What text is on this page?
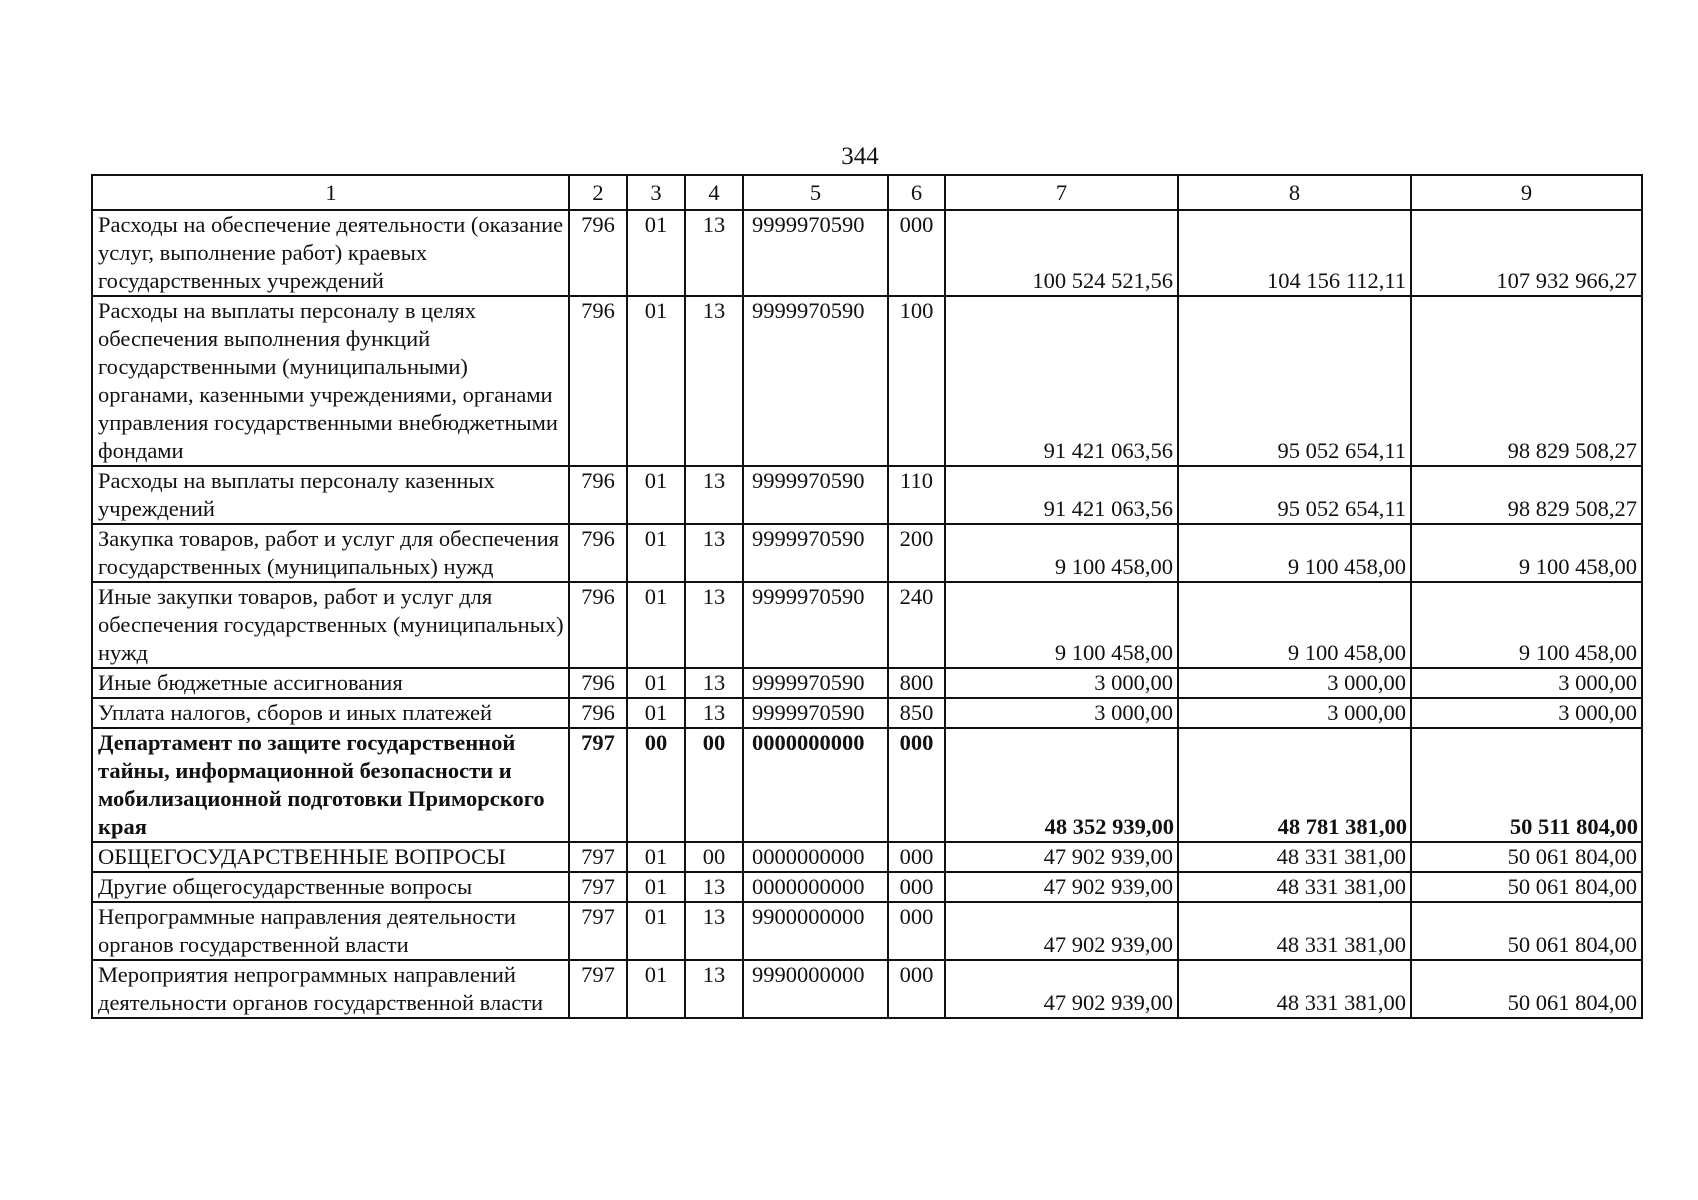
344
1	2	3	4	5	6	7	8	9
Расходы на обеспечение деятельности (оказание услуг, выполнение работ) краевых государственных учреждений	796	01	13	9999970590	000	100 524 521,56	104 156 112,11	107 932 966,27
Расходы на выплаты персоналу в целях обеспечения выполнения функций государственными (муниципальными) органами, казенными учреждениями, органами управления государственными внебюджетными фондами	796	01	13	9999970590	100	91 421 063,56	95 052 654,11	98 829 508,27
Расходы на выплаты персоналу казенных учреждений	796	01	13	9999970590	110	91 421 063,56	95 052 654,11	98 829 508,27
Закупка товаров, работ и услуг для обеспечения государственных (муниципальных) нужд	796	01	13	9999970590	200	9 100 458,00	9 100 458,00	9 100 458,00
Иные закупки товаров, работ и услуг для обеспечения государственных (муниципальных) нужд	796	01	13	9999970590	240	9 100 458,00	9 100 458,00	9 100 458,00
Иные бюджетные ассигнования	796	01	13	9999970590	800	3 000,00	3 000,00	3 000,00
Уплата налогов, сборов и иных платежей	796	01	13	9999970590	850	3 000,00	3 000,00	3 000,00
Департамент по защите государственной тайны, информационной безопасности и мобилизационной подготовки Приморского края	797	00	00	0000000000	000	48 352 939,00	48 781 381,00	50 511 804,00
ОБЩЕГОСУДАРСТВЕННЫЕ ВОПРОСЫ	797	01	00	0000000000	000	47 902 939,00	48 331 381,00	50 061 804,00
Другие общегосударственные вопросы	797	01	13	0000000000	000	47 902 939,00	48 331 381,00	50 061 804,00
Непрограммные направления деятельности органов государственной власти	797	01	13	9900000000	000	47 902 939,00	48 331 381,00	50 061 804,00
Мероприятия непрограммных направлений деятельности органов государственной власти	797	01	13	9990000000	000	47 902 939,00	48 331 381,00	50 061 804,00
